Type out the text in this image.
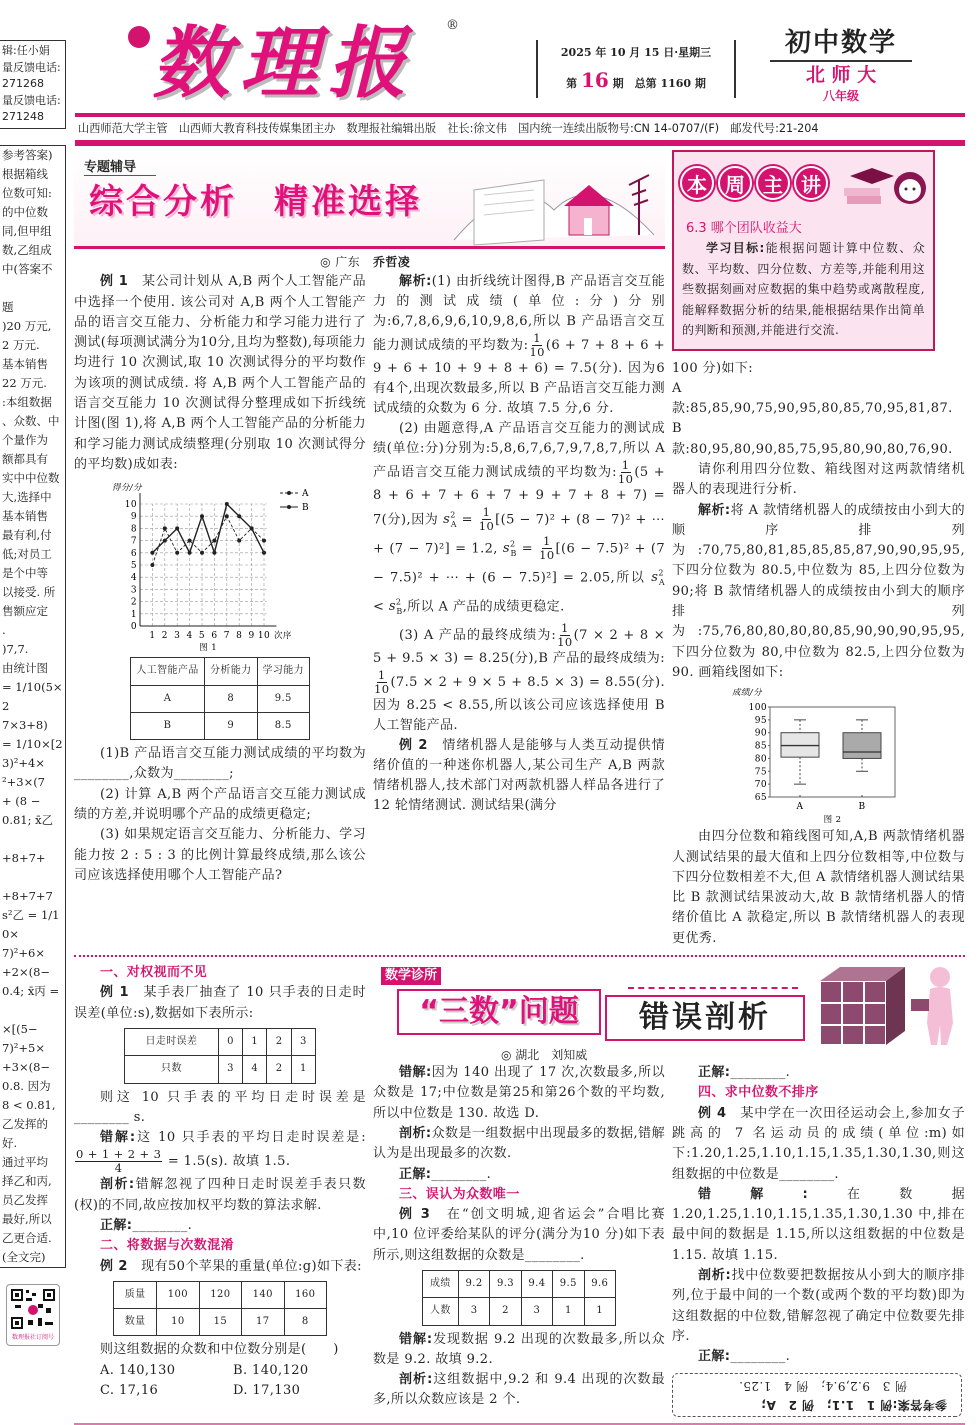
辑:任小娟
量反馈电话:
271268
量反馈电话:
271248
参考答案)
根据箱线
位数可知:
的中位数
同,但甲组
数,乙组成
中(答案不
题
)20 万元,
2 万元.
基本销售
22 万元.
:本组数据
、众数、中
个量作为
额都具有
实中中位数
大,选择中
基本销售
最有利,付
低;对员工
是个中等
以接受. 所
售额应定
.
)7,7.
由统计图
= 1/10(5×2
7×3+8)
= 1/10×[2
3)²+4×
²+3×(7
+ (8 −
0.81; x̄乙
+8+7+
+8+7+7
s²乙 = 1/10×
7)²+6×
+2×(8−
0.4; x̄丙 =
×[(5−
7)²+5×
+3×(8−
0.8. 因为
8 < 0.81,
乙发挥的
好.
通过平均
择乙和丙,
员乙发挥
最好,所以
乙更合适.
(全文完)
数理报社订阅号
数理报 ®
2025 年 10 月 15 日·星期三
第 16 期　 总第 1160 期
初中数学
北 师 大
八年级
山西师范大学主管　山西师大教育科技传媒集团主办　数理报社编辑出版　社长:徐文伟　国内统一连续出版物号:CN 14-0707/(F)　邮发代号:21-204
专题辅导
综合分析　精准选择

◎ 广东

例 1　某公司计划从 A,B 两个人工智能产品中选择一个使用. 该公司对 A,B 两个人工智能产品的语言交互能力、分析能力和学习能力进行了测试(每项测试满分为10分,且均为整数),每项能力均进行 10 次测试,取 10 次测试得分的平均数作为该项的测试成绩. 将 A,B 两个人工智能产品的语言交互能力 10 次测试得分整理成如下折线统计图(图 1),将 A,B 两个人工智能产品的分析能力和学习能力测试成绩整理(分别取 10 次测试得分的平均数)成如表:

0
1
2
3
4
5
6
7
8
9
10
1 2 3 4 5 6 7 8 9 10 次序
得分/分
图 1
A
B
人工智能产品	分析能力	学习能力
A	8	9.5
B	9	8.5

(1)B 产品语言交互能力测试成绩的平均数为________,众数为________;

(2) 计算 A,B 两个产品语言交互能力测试成绩的方差,并说明哪个产品的成绩更稳定;

(3) 如果规定语言交互能力、分析能力、学习能力按 2 : 5 : 3 的比例计算最终成绩,那么该公司应该选择使用哪个人工智能产品?

乔哲凌

解析:(1) 由折线统计图得,B 产品语言交互能力的测试成绩(单位:分)分别为:6,7,8,6,9,6,10,9,8,6,所以 B 产品语言交互能力测试成绩的平均数为: $\frac{1}{10} (6 + 7 + 8 + 6 + 9 + 6 + 10 + 9 + 8 + 6) = 7.5$(分). 因为6有4个,出现次数最多,所以 B 产品语言交互能力测试成绩的众数为 6 分. 故填 7.5 分,6 分.

(2) 由题意得,A 产品语言交互能力的测试成绩(单位:分)分别为:5,8,6,7,6,7,9,7,8,7,所以 A 产品语言交互能力测试成绩的平均数为: $\frac{1}{10} (5 + 8 + 6 + 7 + 6 + 7 + 9 + 7 + 8 + 7) = 7$(分),因为 s $^2_A = \frac{1}{10} [(5 - 7)^2 + (8 - 7)^2$ + ⋯ + (7 − 7)²] = 1.2, s $^2_B = \frac{1}{10} [(6 - 7.5)^2 + (7 - 7.5)^2$ + ⋯ + (6 − 7.5)²] = 2.05,所以 s $^2_A$ < s $^2_B$,所以 A 产品的成绩更稳定.

(3) A 产品的最终成绩为: $\frac{1}{10} (7 \times 2 + 8 \times 5 + 9.5 \times 3) = 8.25$(分),B 产品的最终成绩为:
$\frac{1}{10} (7.5 \times 2 + 9 \times 5 + 8.5 \times 3) = 8.55$(分). 因为 8.25 < 8.55,所以该公司应该选择使用 B 人工智能产品.

例 2　情绪机器人是能够与人类互动提供情绪价值的一种迷你机器人,某公司生产 A,B 两款情绪机器人,技术部门对两款机器人样品各进行了 12 轮情绪测试. 测试结果(满分

本 周 主 讲
6.3 哪个团队收益大

学习目标:能根据问题计算中位数、众数、平均数、四分位数、方差等,并能利用这些数据刻画对应数据的集中趋势或离散程度,能解释数据分析的结果,能根据结果作出简单的判断和预测,并能进行交流.

100 分)如下:

A 款:85,85,90,75,90,95,80,85,70,95,81,87.

B 款:80,95,80,90,85,75,95,80,90,80,76,90.

请你利用四分位数、箱线图对这两款情绪机器人的表现进行分析.

解析:将 A 款情绪机器人的成绩按由小到大的顺序排列为:70,75,80,81,85,85,85,87,90,90,95,95,下四分位数为 80.5,中位数为 85,上四分位数为 90;将 B 款情绪机器人的成绩按由小到大的顺序排列为:75,76,80,80,80,80,85,90,90,90,95,95,下四分位数为 80,中位数为 82.5,上四分位数为 90. 画箱线图如下:

65
70
75
80
85
90
95
100
成绩/分
A	B
图 2

由四分位数和箱线图可知,A,B 两款情绪机器人测试结果的最大值和上四分位数相等,中位数与下四分位数相差不大,但 A 款情绪机器人测试结果比 B 款测试结果波动大,故 B 款情绪机器人的情绪价值比 A 款稳定,所以 B 款情绪机器人的表现更优秀.

一、对权视而不见

例 1　某手表厂抽查了 10 只手表的日走时误差(单位:s),数据如下表所示:

日走时误差	0	1	2	3
只数	3	4	2	1

则这 10 只手表的平均日走时误差是________ s.

错解:这 10 只手表的平均日走时误差是:
$\frac{0 + 1 + 2 + 3}{4} = 1.5(s)$. 故填 1.5.

剖析:错解忽视了四种日走时误差手表只数(权)的不同,故应按加权平均数的算法求解.

正解:________.

二、将数据与次数混淆

例 2　现有50个苹果的重量(单位:g)如下表:

质量	100	120	140	160
数量	10	15	17	8

则这组数据的众数和中位数分别是(　　)

A. 140,130	B. 140,120
C. 17,16	D. 17,130
数学诊所
“三数”问题	错误剖析
◎ 湖北　刘知威

错解:因为 140 出现了 17 次,次数最多,所以众数是 17;中位数是第25和第26个数的平均数,所以中位数是 130. 故选 D.

剖析:众数是一组数据中出现最多的数据,错解认为是出现最多的次数.

正解:________.

三、误认为众数唯一

例 3　在“创文明城,迎省运会”合唱比赛中,10 位评委给某队的评分(满分为10 分)如下表所示,则这组数据的众数是________.

成绩	9.2	9.3	9.4	9.5	9.6
人数	3	2	3	1	1

错解:发现数据 9.2 出现的次数最多,所以众数是 9.2. 故填 9.2.

剖析:这组数据中,9.2 和 9.4 出现的次数最多,所以众数应该是 2 个.

正解:________.

四、求中位数不排序

例 4　某中学在一次田径运动会上,参加女子跳高的 7 名运动员的成绩(单位:m)如下:1.20,1.25,1.10,1.15,1.35,1.30,1.30,则这组数据的中位数是________.

错解:在数据 1.20,1.25,1.10,1.15,1.35,1.30,1.30 中,排在最中间的数据是 1.15,所以这组数据的中位数是 1.15. 故填 1.15.

剖析:找中位数要把数据按从小到大的顺序排列,位于最中间的一个数(或两个数的平均数)即为这组数据的中位数,错解忽视了确定中位数要先排序.

正解:________.

参考答案:例 1　1.1;　例 2　A;
例 3　9.2,9.4;　例 4　1.25.
